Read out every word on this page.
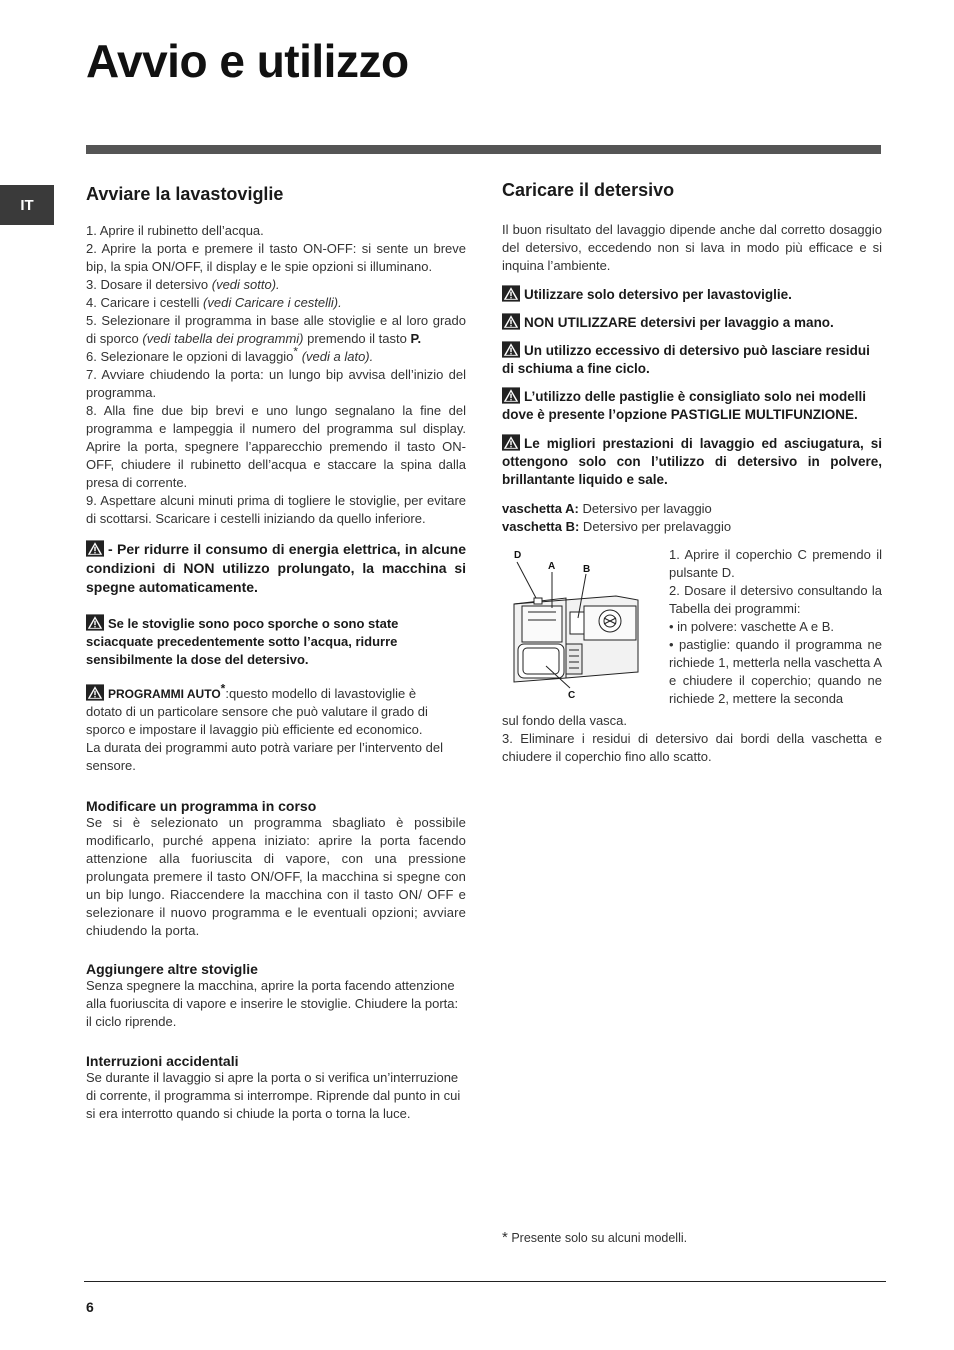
Avvio e utilizzo
IT
Avviare la lavastoviglie

1. Aprire il rubinetto dell’acqua.

2. Aprire la porta e premere il tasto ON-OFF: si sente un breve bip, la spia ON/OFF, il display e le spie opzioni si illuminano.

3. Dosare il detersivo (vedi sotto).

4. Caricare i cestelli (vedi Caricare i cestelli).

5. Selezionare il programma in base alle stoviglie e al loro grado di sporco (vedi tabella dei programmi) premendo il tasto P.

6. Selezionare le opzioni di lavaggio* (vedi a lato).

7. Avviare chiudendo la porta: un lungo bip avvisa dell’inizio del programma.

8. Alla fine due bip brevi e uno lungo segnalano la fine del programma e lampeggia il numero del programma sul display. Aprire la porta, spegnere l’apparecchio premendo il tasto ON-OFF, chiudere il rubinetto dell’acqua e staccare la spina dalla presa di corrente.

9. Aspettare alcuni minuti prima di togliere le stoviglie, per evitare di scottarsi. Scaricare i cestelli iniziando da quello inferiore.

- Per ridurre il consumo di energia elettrica, in alcune condizioni di NON utilizzo prolungato, la macchina si spegne automaticamente.

Se le stoviglie sono poco sporche o sono state sciacquate precedentemente sotto l’acqua, ridurre sensibilmente la dose del detersivo.

PROGRAMMI AUTO*:questo modello di lavastoviglie è dotato di un particolare sensore che può valutare il grado di sporco e impostare il lavaggio più efficiente ed economico.

La durata dei programmi auto potrà variare per l’intervento del sensore.

Modificare un programma in corso

Se si è selezionato un programma sbagliato è possibile modificarlo, purché appena iniziato: aprire la porta facendo attenzione alla fuoriuscita di vapore, con una pressione prolungata premere il tasto ON/OFF, la macchina si spegne con un bip lungo. Riaccendere la macchina con il tasto ON/ OFF e selezionare il nuovo programma e le eventuali opzioni; avviare chiudendo la porta.

Aggiungere altre stoviglie

Senza spegnere la macchina, aprire la porta facendo attenzione alla fuoriuscita di vapore e inserire le stoviglie. Chiudere la porta: il ciclo riprende.

Interruzioni accidentali

Se durante il lavaggio si apre la porta o si verifica un’interruzione di corrente, il programma si interrompe. Riprende dal punto in cui si era interrotto quando si chiude la porta o torna la luce.

Caricare il detersivo

Il buon risultato del lavaggio dipende anche dal corretto dosaggio del detersivo, eccedendo non si lava in modo più efficace e si inquina l’ambiente.

Utilizzare solo detersivo per lavastoviglie.

NON UTILIZZARE detersivi per lavaggio a mano.

Un utilizzo eccessivo di detersivo può lasciare residui di schiuma a fine ciclo.

L’utilizzo delle pastiglie è consigliato solo nei modelli dove è presente l’opzione PASTIGLIE MULTIFUNZIONE.

Le migliori prestazioni di lavaggio ed asciugatura, si ottengono solo con l’utilizzo di detersivo in polvere, brillantante liquido e sale.

vaschetta A: Detersivo per lavaggio

vaschetta B: Detersivo per prelavaggio

D
A	B
C

1. Aprire il coperchio C premendo il pulsante D.

2. Dosare il detersivo consultando la Tabella dei programmi:

• in polvere: vaschette A e B.

• pastiglie: quando il programma ne richiede 1, metterla nella vaschetta A e chiudere il coperchio; quando ne richiede 2, mettere la seconda

sul fondo della vasca.

3. Eliminare i residui di detersivo dai bordi della vaschetta e chiudere il coperchio fino allo scatto.

* Presente solo su alcuni modelli.

6
